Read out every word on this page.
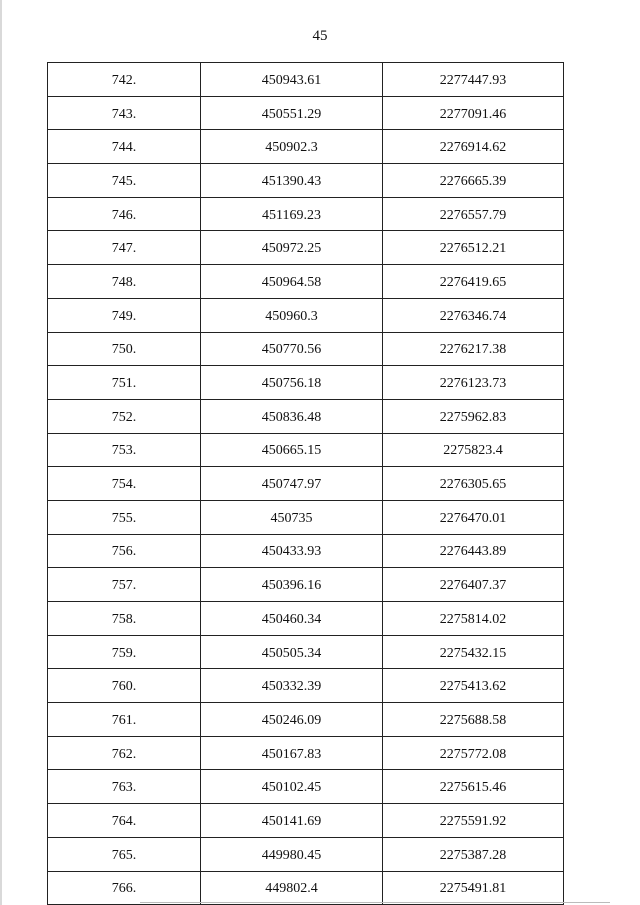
45
742.	450943.61	2277447.93
743.	450551.29	2277091.46
744.	450902.3	2276914.62
745.	451390.43	2276665.39
746.	451169.23	2276557.79
747.	450972.25	2276512.21
748.	450964.58	2276419.65
749.	450960.3	2276346.74
750.	450770.56	2276217.38
751.	450756.18	2276123.73
752.	450836.48	2275962.83
753.	450665.15	2275823.4
754.	450747.97	2276305.65
755.	450735	2276470.01
756.	450433.93	2276443.89
757.	450396.16	2276407.37
758.	450460.34	2275814.02
759.	450505.34	2275432.15
760.	450332.39	2275413.62
761.	450246.09	2275688.58
762.	450167.83	2275772.08
763.	450102.45	2275615.46
764.	450141.69	2275591.92
765.	449980.45	2275387.28
766.	449802.4	2275491.81
